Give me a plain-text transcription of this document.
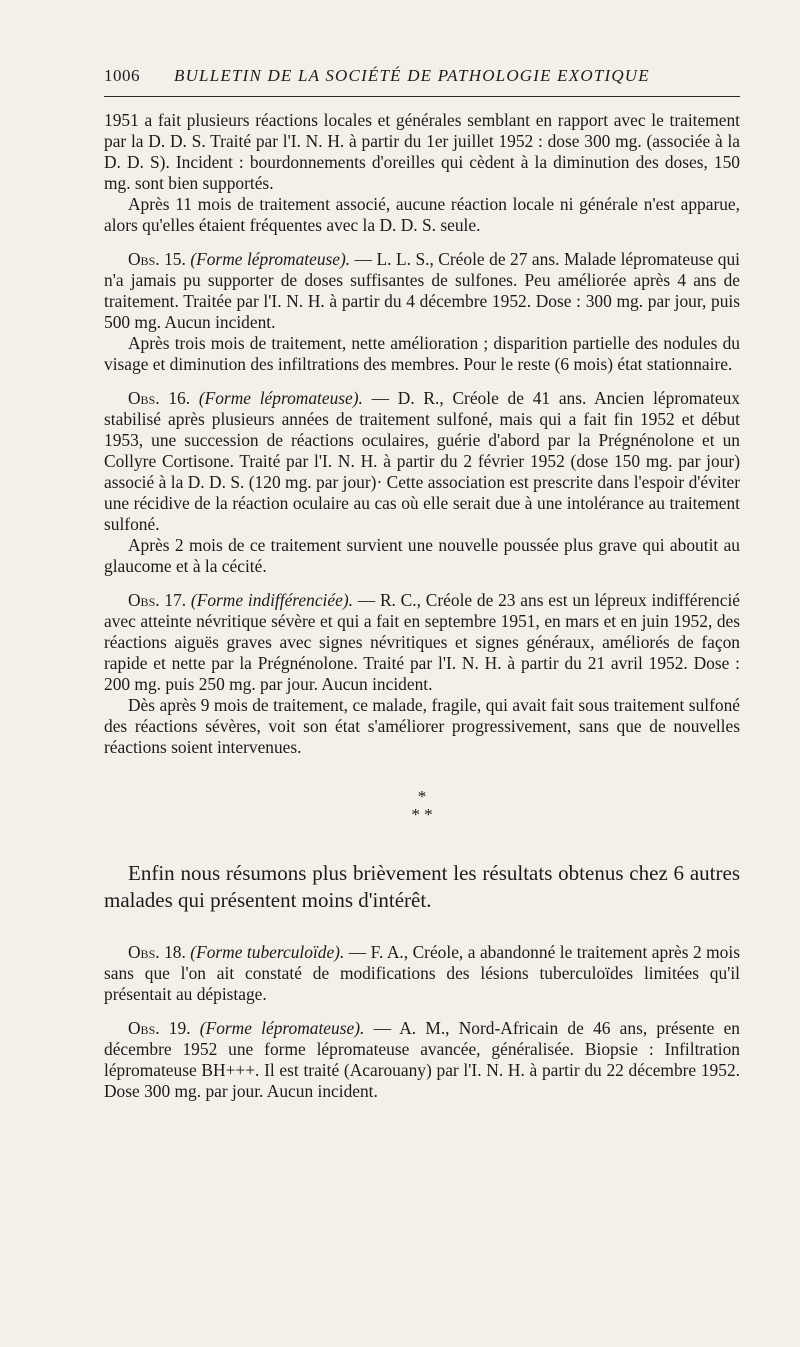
1006	BULLETIN DE LA SOCIÉTÉ DE PATHOLOGIE EXOTIQUE

1951 a fait plusieurs réactions locales et générales semblant en rapport avec le traitement par la D. D. S. Traité par l'I. N. H. à partir du 1er juillet 1952 : dose 300 mg. (associée à la D. D. S). Incident : bourdonnements d'oreilles qui cèdent à la diminution des doses, 150 mg. sont bien supportés.

Après 11 mois de traitement associé, aucune réaction locale ni générale n'est apparue, alors qu'elles étaient fréquentes avec la D. D. S. seule.

Obs. 15. (Forme lépromateuse). — L. L. S., Créole de 27 ans. Malade lépromateuse qui n'a jamais pu supporter de doses suffisantes de sulfones. Peu améliorée après 4 ans de traitement. Traitée par l'I. N. H. à partir du 4 décembre 1952. Dose : 300 mg. par jour, puis 500 mg. Aucun incident.

Après trois mois de traitement, nette amélioration ; disparition partielle des nodules du visage et diminution des infiltrations des membres. Pour le reste (6 mois) état stationnaire.

Obs. 16. (Forme lépromateuse). — D. R., Créole de 41 ans. Ancien lépromateux stabilisé après plusieurs années de traitement sulfoné, mais qui a fait fin 1952 et début 1953, une succession de réactions oculaires, guérie d'abord par la Prégnénolone et un Collyre Cortisone. Traité par l'I. N. H. à partir du 2 février 1952 (dose 150 mg. par jour) associé à la D. D. S. (120 mg. par jour)· Cette association est prescrite dans l'espoir d'éviter une récidive de la réaction oculaire au cas où elle serait due à une intolérance au traitement sulfoné.

Après 2 mois de ce traitement survient une nouvelle poussée plus grave qui aboutit au glaucome et à la cécité.

Obs. 17. (Forme indifférenciée). — R. C., Créole de 23 ans est un lépreux indifférencié avec atteinte névritique sévère et qui a fait en septembre 1951, en mars et en juin 1952, des réactions aiguës graves avec signes névritiques et signes généraux, améliorés de façon rapide et nette par la Prégnénolone. Traité par l'I. N. H. à partir du 21 avril 1952. Dose : 200 mg. puis 250 mg. par jour. Aucun incident.

Dès après 9 mois de traitement, ce malade, fragile, qui avait fait sous traitement sulfoné des réactions sévères, voit son état s'améliorer progressivement, sans que de nouvelles réactions soient intervenues.

*
* *

Enfin nous résumons plus brièvement les résultats obtenus chez 6 autres malades qui présentent moins d'intérêt.

Obs. 18. (Forme tuberculoïde). — F. A., Créole, a abandonné le traitement après 2 mois sans que l'on ait constaté de modifications des lésions tuberculoïdes limitées qu'il présentait au dépistage.

Obs. 19. (Forme lépromateuse). — A. M., Nord-Africain de 46 ans, présente en décembre 1952 une forme lépromateuse avancée, généralisée. Biopsie : Infiltration lépromateuse BH+++. Il est traité (Acarouany) par l'I. N. H. à partir du 22 décembre 1952. Dose 300 mg. par jour. Aucun incident.
